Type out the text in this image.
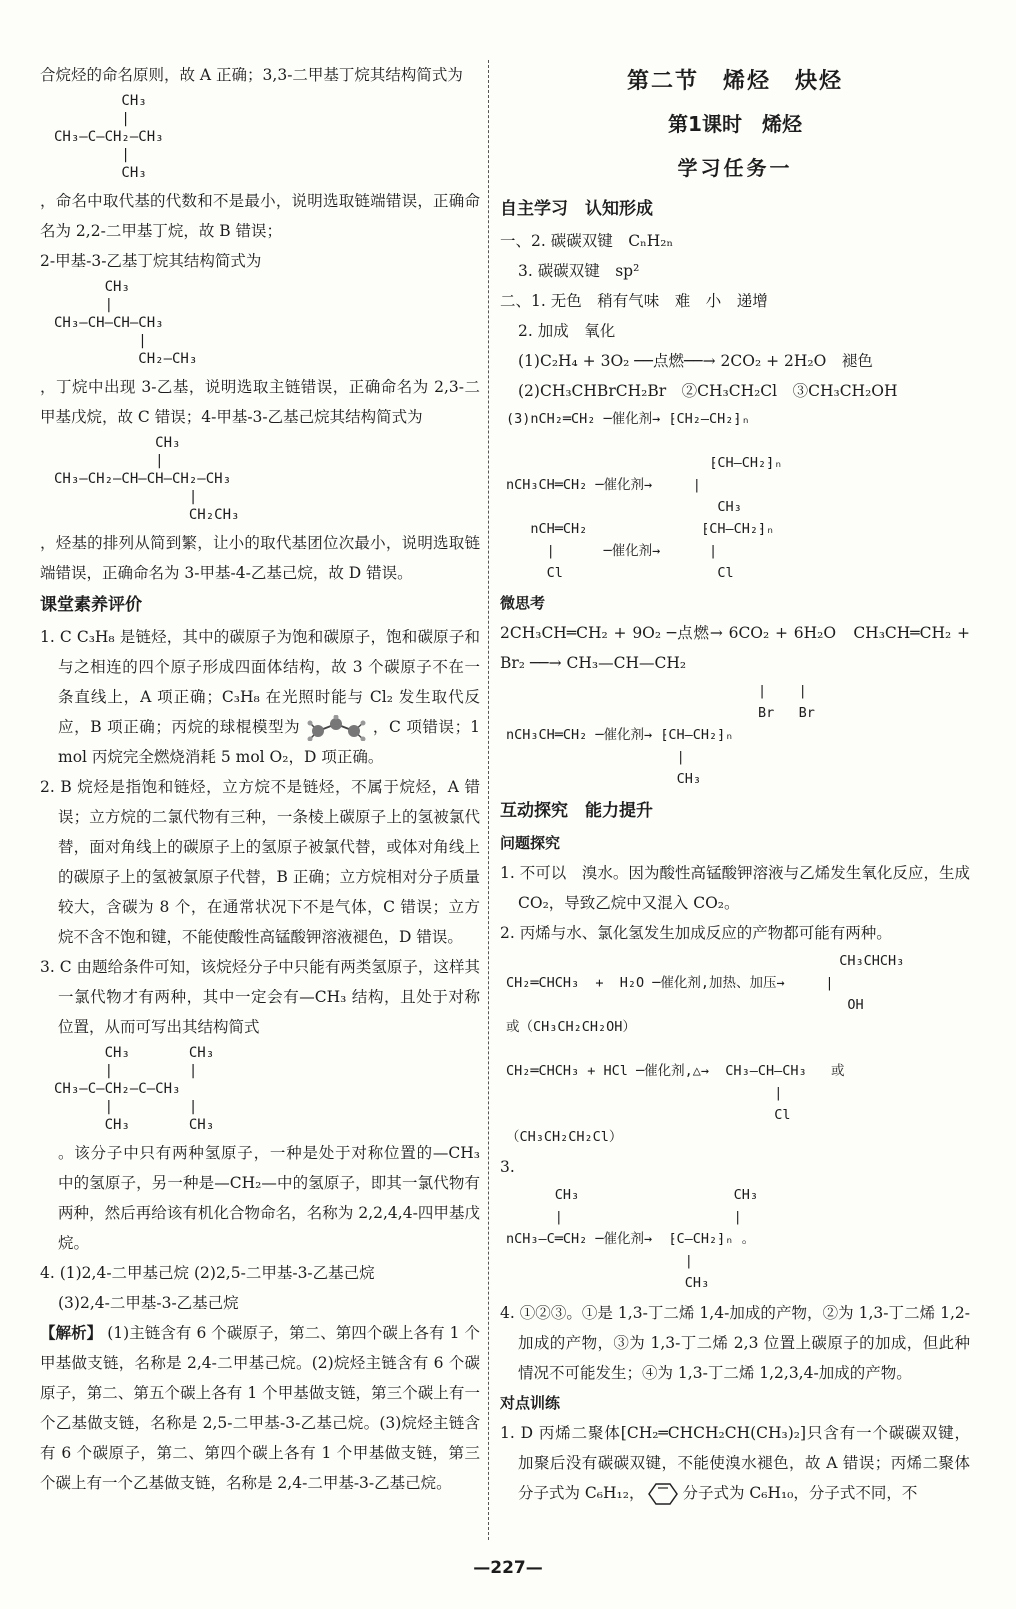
合烷烃的命名原则，故 A 正确；3,3-二甲基丁烷其结构简式为

CH₃
|
CH₃—C—CH₂—CH₃
|
CH₃

，命名中取代基的代数和不是最小，说明选取链端错误，正确命名为 2,2-二甲基丁烷，故 B 错误；

2-甲基-3-乙基丁烷其结构简式为

CH₃
|
CH₃—CH—CH—CH₃
|
CH₂—CH₃

，丁烷中出现 3-乙基，说明选取主链错误，正确命名为 2,3-二甲基戊烷，故 C 错误；4-甲基-3-乙基己烷其结构简式为

CH₃
|
CH₃—CH₂—CH—CH—CH₂—CH₃
|
CH₂CH₃

，烃基的排列从简到繁，让小的取代基团位次最小，说明选取链端错误，正确命名为 3-甲基-4-乙基己烷，故 D 错误。

课堂素养评价

1. C C₃H₈ 是链烃，其中的碳原子为饱和碳原子，饱和碳原子和与之相连的四个原子形成四面体结构，故 3 个碳原子不在一条直线上，A 项正确；C₃H₈ 在光照时能与 Cl₂ 发生取代反应，B 项正确；丙烷的球棍模型为	，C 项错误；1 mol 丙烷完全燃烧消耗 5 mol O₂，D 项正确。

2. B 烷烃是指饱和链烃，立方烷不是链烃，不属于烷烃，A 错误；立方烷的二氯代物有三种，一条棱上碳原子上的氢被氯代替，面对角线上的碳原子上的氢原子被氯代替，或体对角线上的碳原子上的氢被氯原子代替，B 正确；立方烷相对分子质量较大，含碳为 8 个，在通常状况下不是气体，C 错误；立方烷不含不饱和键，不能使酸性高锰酸钾溶液褪色，D 错误。

3. C 由题给条件可知，该烷烃分子中只能有两类氢原子，这样其一氯代物才有两种，其中一定会有—CH₃ 结构，且处于对称位置，从而可写出其结构简式

CH₃       CH₃
|         |
CH₃—C—CH₂—C—CH₃
|         |
CH₃       CH₃

。该分子中只有两种氢原子，一种是处于对称位置的—CH₃ 中的氢原子，另一种是—CH₂—中的氢原子，即其一氯代物有两种，然后再给该有机化合物命名，名称为 2,2,4,4-四甲基戊烷。

4. (1)2,4-二甲基己烷 (2)2,5-二甲基-3-乙基己烷

(3)2,4-二甲基-3-乙基己烷

【解析】 (1)主链含有 6 个碳原子，第二、第四个碳上各有 1 个甲基做支链，名称是 2,4-二甲基己烷。(2)烷烃主链含有 6 个碳原子，第二、第五个碳上各有 1 个甲基做支链，第三个碳上有一个乙基做支链，名称是 2,5-二甲基-3-乙基己烷。(3)烷烃主链含有 6 个碳原子，第二、第四个碳上各有 1 个甲基做支链，第三个碳上有一个乙基做支链，名称是 2,4-二甲基-3-乙基己烷。

第二节　烯烃　炔烃
第1课时　烯烃
学习任务一
自主学习　认知形成

一、2. 碳碳双键　CₙH₂ₙ

3. 碳碳双键　sp²

二、1. 无色　稍有气味　难　小　递增

2. 加成　氧化

(1)C₂H₄ + 3O₂ ──点燃──→ 2CO₂ + 2H₂O　褪色

(2)CH₃CHBrCH₂Br　②CH₃CH₂Cl　③CH₃CH₂OH

(3)nCH₂═CH₂ ─催化剂→ ⁅CH₂—CH₂⁆ₙ

⁅CH—CH₂⁆ₙ
nCH₃CH═CH₂ ─催化剂→     |
CH₃
nCH═CH₂              ⁅CH—CH₂⁆ₙ
|      ─催化剂→      |
Cl                   Cl
微思考

2CH₃CH═CH₂ + 9O₂ ─点燃→ 6CO₂ + 6H₂O　CH₃CH═CH₂ + Br₂ ──→ CH₃—CH—CH₂

|    |
Br   Br
nCH₃CH═CH₂ ─催化剂→ ⁅CH—CH₂⁆ₙ
|
CH₃
互动探究　能力提升
问题探究

1. 不可以　溴水。因为酸性高锰酸钾溶液与乙烯发生氧化反应，生成 CO₂，导致乙烷中又混入 CO₂。

2. 丙烯与水、氯化氢发生加成反应的产物都可能有两种。

CH₃CHCH₃
CH₂═CHCH₃  +  H₂O ─催化剂,加热、加压→     |
OH
或（CH₃CH₂CH₂OH）

CH₂═CHCH₃ + HCl ─催化剂,△→  CH₃—CH—CH₃   或
|
Cl
（CH₃CH₂CH₂Cl）

3.

CH₃                   CH₃
|                     |
nCH₃—C═CH₂ ─催化剂→  ⁅C—CH₂⁆ₙ 。
|
CH₃

4. ①②③。①是 1,3-丁二烯 1,4-加成的产物，②为 1,3-丁二烯 1,2-加成的产物，③为 1,3-丁二烯 2,3 位置上碳原子的加成，但此种情况不可能发生；④为 1,3-丁二烯 1,2,3,4-加成的产物。

对点训练

1. D 丙烯二聚体[CH₂═CHCH₂CH(CH₃)₂]只含有一个碳碳双键，加聚后没有碳碳双键，不能使溴水褪色，故 A 错误；丙烯二聚体分子式为 C₆H₁₂， 分子式为 C₆H₁₀，分子式不同，不

—227—
